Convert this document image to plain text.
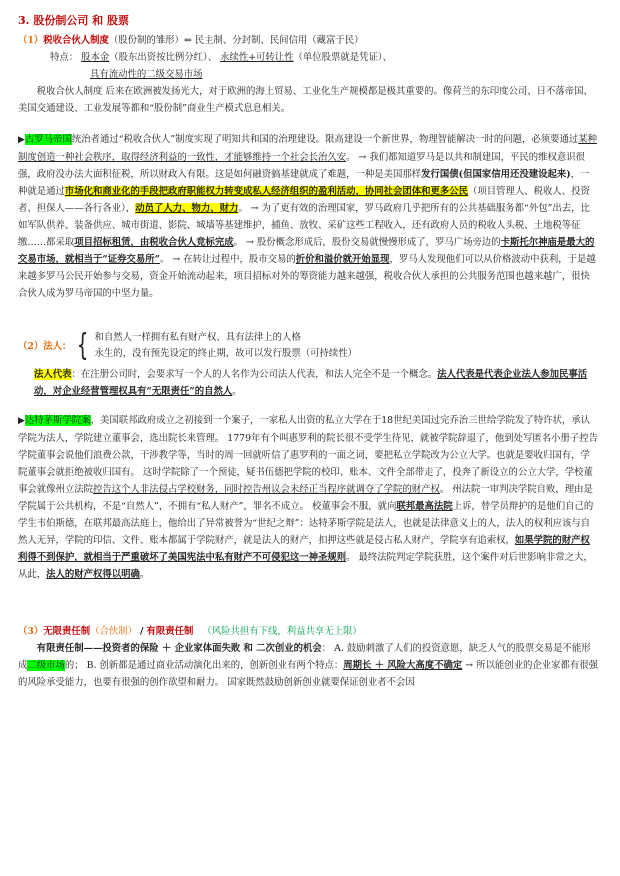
3. 股份制公司 和 股票

（1）税收合伙人制度（股份制的雏形）⇐ 民主制、分封制、民间信用（藏富于民）

特点： 股本金（股东出资按比例分红）、 永续性+可转让性（单位股票就是凭证）、

具有流动性的二级交易市场

税收合伙人制度 后来在欧洲被发扬光大，对于欧洲的海上贸易、工业化生产规模都是极其重要的。像荷兰的东印度公司、日不落帝国、美国交通建设、工业发展等都和“股份制”商业生产模式息息相关。

▶古罗马帝国统治者通过“税收合伙人”制度实现了明知共和国的治理建设。限高建设一个新世界，物理智能解决一时的问题，必须要通过某种制度创造一种社会秩序，取得经济利益的一致性，才能够维持一个社会长治久安。 → 我们都知道罗马是以共和制建国，平民的维权意识很强，政府没办法大面积征税，所以财政入有限。这是如何融资搞基建就成了难题，一种是美国那样发行国债(但国家信用还没建设起来)，一种就是通过市场化和商业化的手段把政府职能权力转变成私人经济组织的盈利活动，协同社会团体和更多公民（项目管理人、税收人、投资者、担保人——各行各业），动员了人力、物力、财力。 → 为了更有效的治理国家，罗马政府几乎把所有的公共基础服务都“外包”出去，比如军队供养、装备供应、城市街道、影院、城墙等基建维护，捕鱼、放牧、采矿这些工程收入，还有政府人员的税收人头税、土地税等征缴……都采取项目招标租赁，由税收合伙人竞标完成。 → 股份概念形成后，股份交易就慢慢形成了，罗马广场旁边的卡斯托尔神庙是最大的交易市场，就相当于“证券交易所”。 → 在转让过程中，股市交易的折价和溢价就开始显现，罗马人发现他们可以从价格波动中获利，于是越来越多罗马公民开始参与交易，资金开始流动起来，项目招标对外的筹资能力越来越强，税收合伙人承担的公共服务范围也越来越广，很快合伙人成为罗马帝国的中坚力量。

（2）法人： { 和自然人一样拥有私有财产权、具有法律上的人格
永生的，没有预先设定的终止期，故可以发行股票（可持续性）

法人代表：在注册公司时，会要求写一个人的人名作为公司法人代表，和法人完全不是一个概念。法人代表是代表企业法人参加民事活动，对企业经营管理权具有“无限责任”的自然人。

▶达特茅斯学院案，美国联邦政府成立之初接到一个案子，一家私人出资的私立大学在于18世纪美国过完乔治三世给学院发了特许状，承认学院为法人，学院建立董事会，选出院长来管理。 1779年有个叫惠罗利的院长很不受学生待见，就被学院辞退了，他到处写匿名小册子控告学院董事会说他们浪费公款，干涉教学等，当时的周一回就听信了惠罗利的一面之词，要把私立学院改为公立大学。也就是要收归国有，学院董事会就拒绝被收归国有。 这时学院除了一个预徒，疑书伍德把学院的校印、账本、文件全部带走了，投奔了新设立的公立大学，学校董事会就像州立法院控告这个人非法侵占学校财务，同时控告州议会未经正当程序就调夺了学院的财产权。 州法院一审判决学院自败，理由是学院属于公共机构，不是“自然人”，不拥有“私人财产”，罪名不成立。 校董事会不服，就向联邦最高法院上诉，替学员辩护的是他们自己的学生韦伯斯德，在联邦最高法庭上，他给出了异常被誉为“世纪之辩”：达特茅斯学院是法人，也就是法律意义上的人，法人的权利应该与自然人无异，学院的印信、文件、账本都属于学院财产，就是法人的财产，扣押这些就是侵占私人财产，学院享有追索权，如果学院的财产权利得不到保护，就相当于严重破坏了美国宪法中私有财产不可侵犯这一神圣规则。 最终法院判定学院获胜，这个案件对后世影响非常之大，从此，法人的财产权得以明确。

（3）无限责任制（合伙制） / 有限责任制 （风险共担有下线，利益共享无上限）

有限责任制——投资者的保险 ＋ 企业家体面失败 和 二次创业的机会： A. 鼓励刺激了人们的投资意愿，缺乏人气的股票交易是不能形成二级市场的； B. 创新都是通过商业活动演化出来的，创新创业有两个特点：周期长 ＋ 风险大高度不确定 → 所以能创业的企业家都有很强的风险承受能力，也要有很强的创作欲望和耐力。 国家既然鼓励创新创业就要保证创业者不会因
